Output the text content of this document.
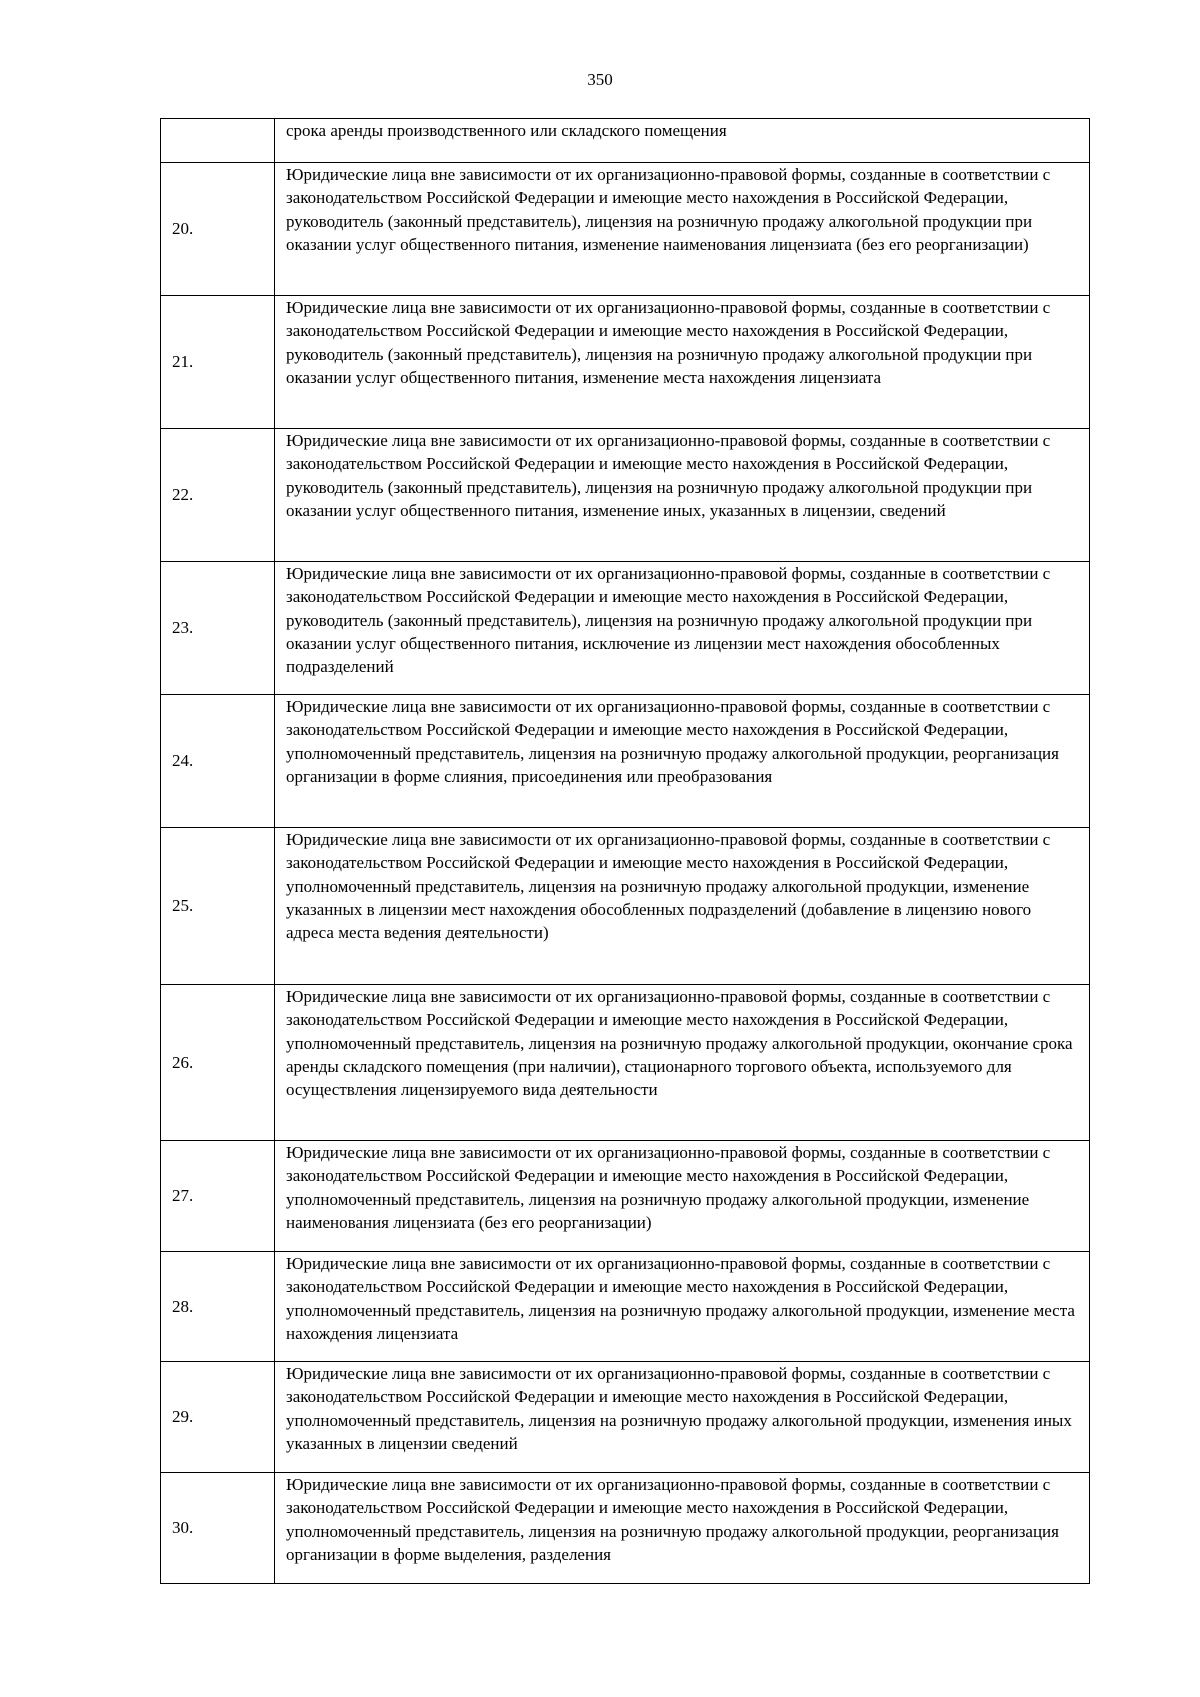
350
	срока аренды производственного или складского помещения
20.	Юридические лица вне зависимости от их организационно-правовой формы, созданные в соответствии с законодательством Российской Федерации и имеющие место нахождения в Российской Федерации, руководитель (законный представитель), лицензия на розничную продажу алкогольной продукции при оказании услуг общественного питания, изменение наименования лицензиата (без его реорганизации)
21.	Юридические лица вне зависимости от их организационно-правовой формы, созданные в соответствии с законодательством Российской Федерации и имеющие место нахождения в Российской Федерации, руководитель (законный представитель), лицензия на розничную продажу алкогольной продукции при оказании услуг общественного питания, изменение места нахождения лицензиата
22.	Юридические лица вне зависимости от их организационно-правовой формы, созданные в соответствии с законодательством Российской Федерации и имеющие место нахождения в Российской Федерации, руководитель (законный представитель), лицензия на розничную продажу алкогольной продукции при оказании услуг общественного питания, изменение иных, указанных в лицензии, сведений
23.	Юридические лица вне зависимости от их организационно-правовой формы, созданные в соответствии с законодательством Российской Федерации и имеющие место нахождения в Российской Федерации, руководитель (законный представитель), лицензия на розничную продажу алкогольной продукции при оказании услуг общественного питания, исключение из лицензии мест нахождения обособленных подразделений
24.	Юридические лица вне зависимости от их организационно-правовой формы, созданные в соответствии с законодательством Российской Федерации и имеющие место нахождения в Российской Федерации, уполномоченный представитель, лицензия на розничную продажу алкогольной продукции, реорганизация организации в форме слияния, присоединения или преобразования
25.	Юридические лица вне зависимости от их организационно-правовой формы, созданные в соответствии с законодательством Российской Федерации и имеющие место нахождения в Российской Федерации, уполномоченный представитель, лицензия на розничную продажу алкогольной продукции, изменение указанных в лицензии мест нахождения обособленных подразделений (добавление в лицензию нового адреса места ведения деятельности)
26.	Юридические лица вне зависимости от их организационно-правовой формы, созданные в соответствии с законодательством Российской Федерации и имеющие место нахождения в Российской Федерации, уполномоченный представитель, лицензия на розничную продажу алкогольной продукции, окончание срока аренды складского помещения (при наличии), стационарного торгового объекта, используемого для осуществления лицензируемого вида деятельности
27.	Юридические лица вне зависимости от их организационно-правовой формы, созданные в соответствии с законодательством Российской Федерации и имеющие место нахождения в Российской Федерации, уполномоченный представитель, лицензия на розничную продажу алкогольной продукции, изменение наименования лицензиата (без его реорганизации)
28.	Юридические лица вне зависимости от их организационно-правовой формы, созданные в соответствии с законодательством Российской Федерации и имеющие место нахождения в Российской Федерации, уполномоченный представитель, лицензия на розничную продажу алкогольной продукции, изменение места нахождения лицензиата
29.	Юридические лица вне зависимости от их организационно-правовой формы, созданные в соответствии с законодательством Российской Федерации и имеющие место нахождения в Российской Федерации, уполномоченный представитель, лицензия на розничную продажу алкогольной продукции, изменения иных указанных в лицензии сведений
30.	Юридические лица вне зависимости от их организационно-правовой формы, созданные в соответствии с законодательством Российской Федерации и имеющие место нахождения в Российской Федерации, уполномоченный представитель, лицензия на розничную продажу алкогольной продукции, реорганизация организации в форме выделения, разделения
